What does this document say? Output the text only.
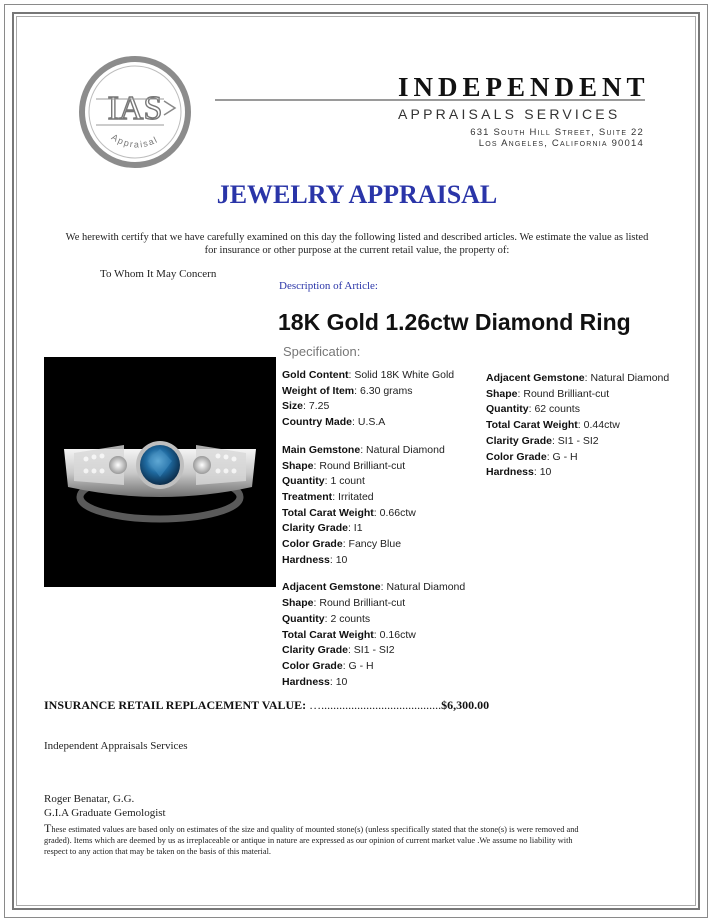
IAS
Appraisal
INDEPENDENT
APPRAISALS SERVICES
631 South Hill Street, Suite 22
Los Angeles, California 90014
JEWELRY APPRAISAL
We herewith certify that we have carefully examined on this day the following listed and described articles. We estimate the value as listed for insurance or other purpose at the current retail value, the property of:
To Whom It May Concern
Description of Article:
18K Gold 1.26ctw Diamond Ring
Specification:
Gold Content: Solid 18K White Gold
Weight of Item: 6.30 grams
Size: 7.25
Country Made: U.S.A
Main Gemstone: Natural Diamond
Shape: Round Brilliant-cut
Quantity: 1 count
Treatment: Irritated
Total Carat Weight: 0.66ctw
Clarity Grade: I1
Color Grade: Fancy Blue
Hardness: 10
Adjacent Gemstone: Natural Diamond
Shape: Round Brilliant-cut
Quantity: 2 counts
Total Carat Weight: 0.16ctw
Clarity Grade: SI1 - SI2
Color Grade: G - H
Hardness: 10
Adjacent Gemstone: Natural Diamond
Shape: Round Brilliant-cut
Quantity: 62 counts
Total Carat Weight: 0.44ctw
Clarity Grade: SI1 - SI2
Color Grade: G - H
Hardness: 10
INSURANCE RETAIL REPLACEMENT VALUE: …........................................$6,300.00
Independent Appraisals Services
Roger Benatar, G.G.
G.I.A Graduate Gemologist
These estimated values are based only on estimates of the size and quality of mounted stone(s) (unless specifically stated that the stone(s) is were removed and graded). Items which are deemed by us as irreplaceable or antique in nature are expressed as our opinion of current market value .We assume no liability with respect to any action that may be taken on the basis of this material.
